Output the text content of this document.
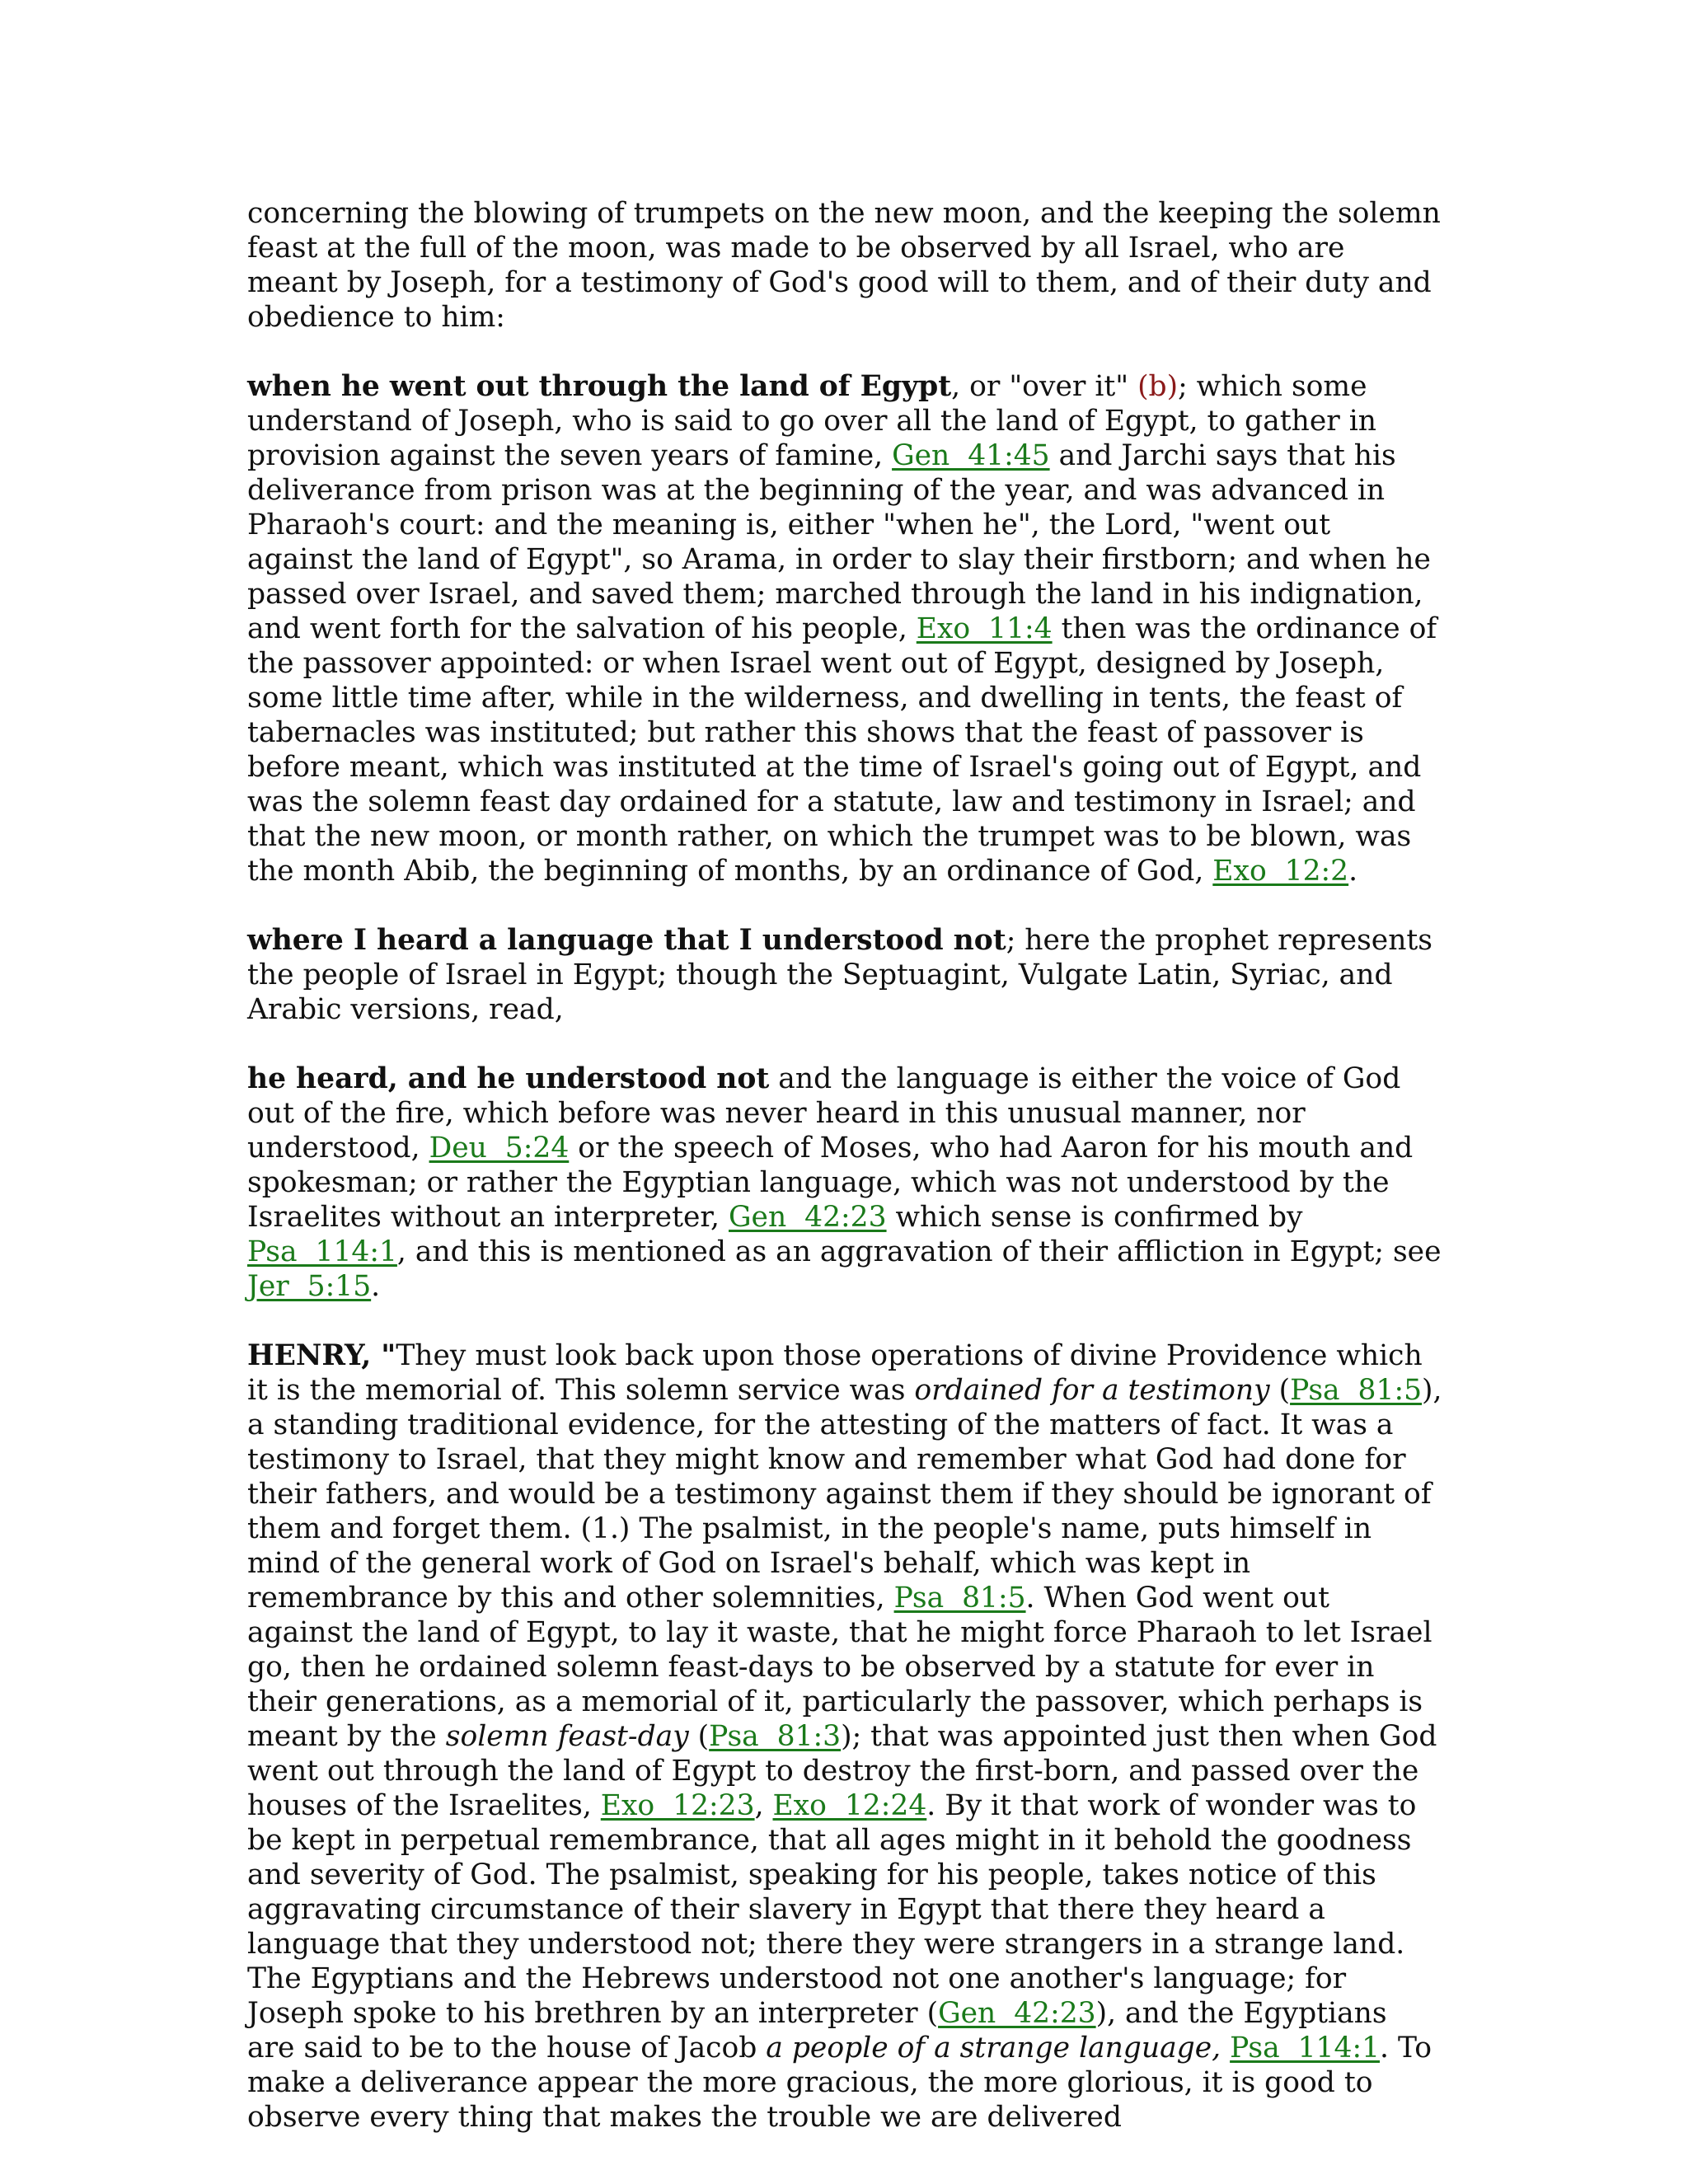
concerning the blowing of trumpets on the new moon, and the keeping the solemn feast at the full of the moon, was made to be observed by all Israel, who are meant by Joseph, for a testimony of God's good will to them, and of their duty and obedience to him:

when he went out through the land of Egypt, or "over it" (b); which some understand of Joseph, who is said to go over all the land of Egypt, to gather in provision against the seven years of famine, Gen  41:45 and Jarchi says that his deliverance from prison was at the beginning of the year, and was advanced in Pharaoh's court: and the meaning is, either "when he", the Lord, "went out against the land of Egypt", so Arama, in order to slay their firstborn; and when he passed over Israel, and saved them; marched through the land in his indignation, and went forth for the salvation of his people, Exo  11:4 then was the ordinance of the passover appointed: or when Israel went out of Egypt, designed by Joseph, some little time after, while in the wilderness, and dwelling in tents, the feast of tabernacles was instituted; but rather this shows that the feast of passover is before meant, which was instituted at the time of Israel's going out of Egypt, and was the solemn feast day ordained for a statute, law and testimony in Israel; and that the new moon, or month rather, on which the trumpet was to be blown, was the month Abib, the beginning of months, by an ordinance of God, Exo  12:2.

where I heard a language that I understood not; here the prophet represents the people of Israel in Egypt; though the Septuagint, Vulgate Latin, Syriac, and Arabic versions, read,

he heard, and he understood not and the language is either the voice of God out of the fire, which before was never heard in this unusual manner, nor understood, Deu  5:24 or the speech of Moses, who had Aaron for his mouth and spokesman; or rather the Egyptian language, which was not understood by the Israelites without an interpreter, Gen  42:23 which sense is confirmed by Psa  114:1, and this is mentioned as an aggravation of their affliction in Egypt; see Jer  5:15.

HENRY, "They must look back upon those operations of divine Providence which it is the memorial of. This solemn service was ordained for a testimony (Psa  81:5), a standing traditional evidence, for the attesting of the matters of fact. It was a testimony to Israel, that they might know and remember what God had done for their fathers, and would be a testimony against them if they should be ignorant of them and forget them. (1.) The psalmist, in the people's name, puts himself in mind of the general work of God on Israel's behalf, which was kept in remembrance by this and other solemnities, Psa  81:5. When God went out against the land of Egypt, to lay it waste, that he might force Pharaoh to let Israel go, then he ordained solemn feast-days to be observed by a statute for ever in their generations, as a memorial of it, particularly the passover, which perhaps is meant by the solemn feast-day (Psa  81:3); that was appointed just then when God went out through the land of Egypt to destroy the first-born, and passed over the houses of the Israelites, Exo  12:23, Exo  12:24. By it that work of wonder was to be kept in perpetual remembrance, that all ages might in it behold the goodness and severity of God. The psalmist, speaking for his people, takes notice of this aggravating circumstance of their slavery in Egypt that there they heard a language that they understood not; there they were strangers in a strange land. The Egyptians and the Hebrews understood not one another's language; for Joseph spoke to his brethren by an interpreter (Gen  42:23), and the Egyptians are said to be to the house of Jacob a people of a strange language, Psa  114:1. To make a deliverance appear the more gracious, the more glorious, it is good to observe every thing that makes the trouble we are delivered
